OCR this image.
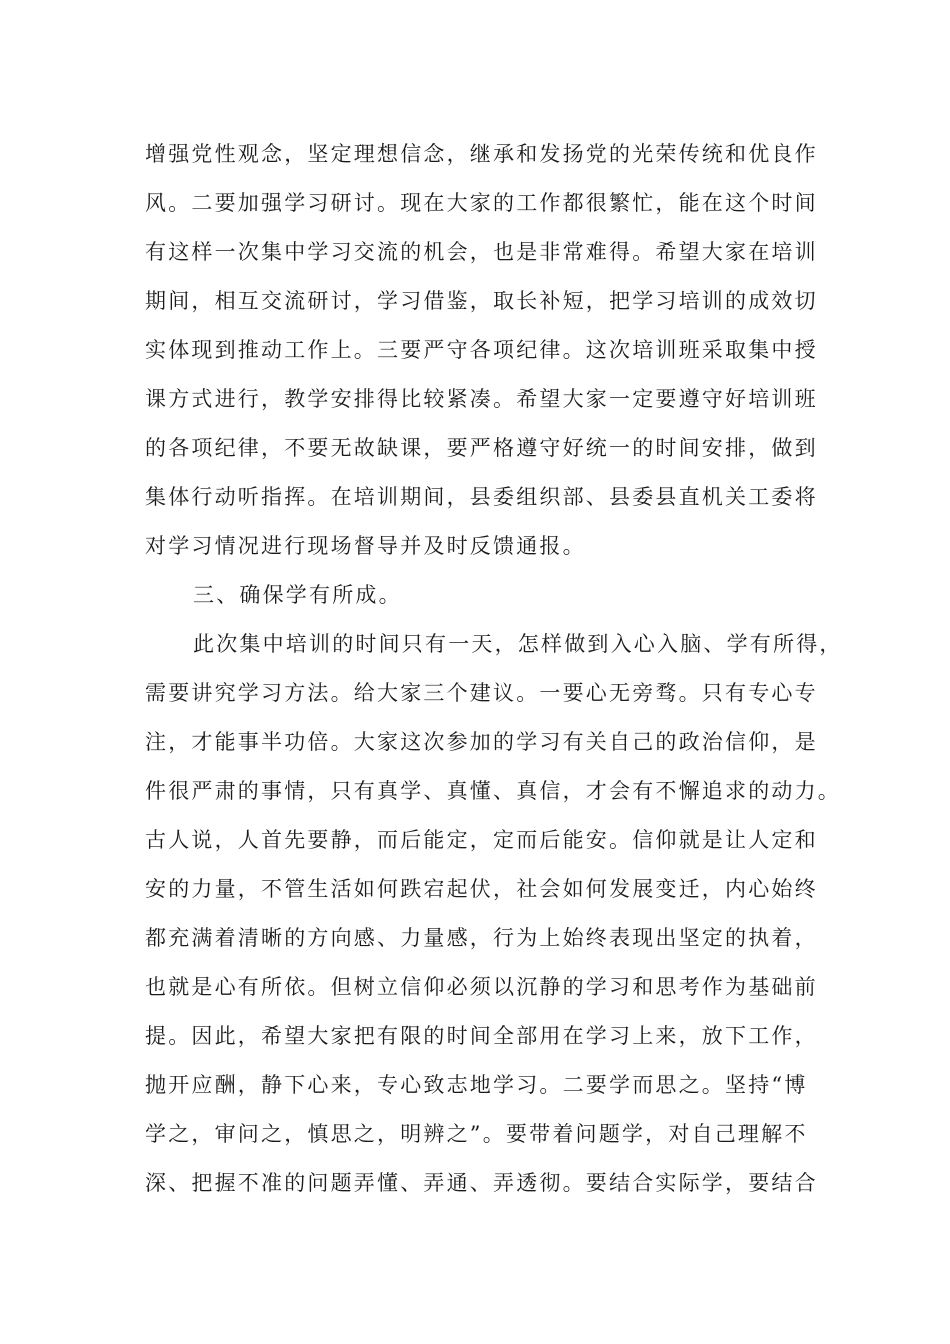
增强党性观念，坚定理想信念，继承和发扬党的光荣传统和优良作
风。二要加强学习研讨。现在大家的工作都很繁忙，能在这个时间
有这样一次集中学习交流的机会，也是非常难得。希望大家在培训
期间，相互交流研讨，学习借鉴，取长补短，把学习培训的成效切
实体现到推动工作上。三要严守各项纪律。这次培训班采取集中授
课方式进行，教学安排得比较紧凑。希望大家一定要遵守好培训班
的各项纪律，不要无故缺课，要严格遵守好统一的时间安排，做到
集体行动听指挥。在培训期间，县委组织部、县委县直机关工委将
对学习情况进行现场督导并及时反馈通报。
三、确保学有所成。
此次集中培训的时间只有一天，怎样做到入心入脑、学有所得，
需要讲究学习方法。给大家三个建议。一要心无旁骛。只有专心专
注，才能事半功倍。大家这次参加的学习有关自己的政治信仰，是
件很严肃的事情，只有真学、真懂、真信，才会有不懈追求的动力。
古人说，人首先要静，而后能定，定而后能安。信仰就是让人定和
安的力量，不管生活如何跌宕起伏，社会如何发展变迁，内心始终
都充满着清晰的方向感、力量感，行为上始终表现出坚定的执着，
也就是心有所依。但树立信仰必须以沉静的学习和思考作为基础前
提。因此，希望大家把有限的时间全部用在学习上来，放下工作，
抛开应酬，静下心来，专心致志地学习。二要学而思之。坚持“博
学之，审问之，慎思之，明辨之”。要带着问题学，对自己理解不
深、把握不准的问题弄懂、弄通、弄透彻。要结合实际学，要结合
